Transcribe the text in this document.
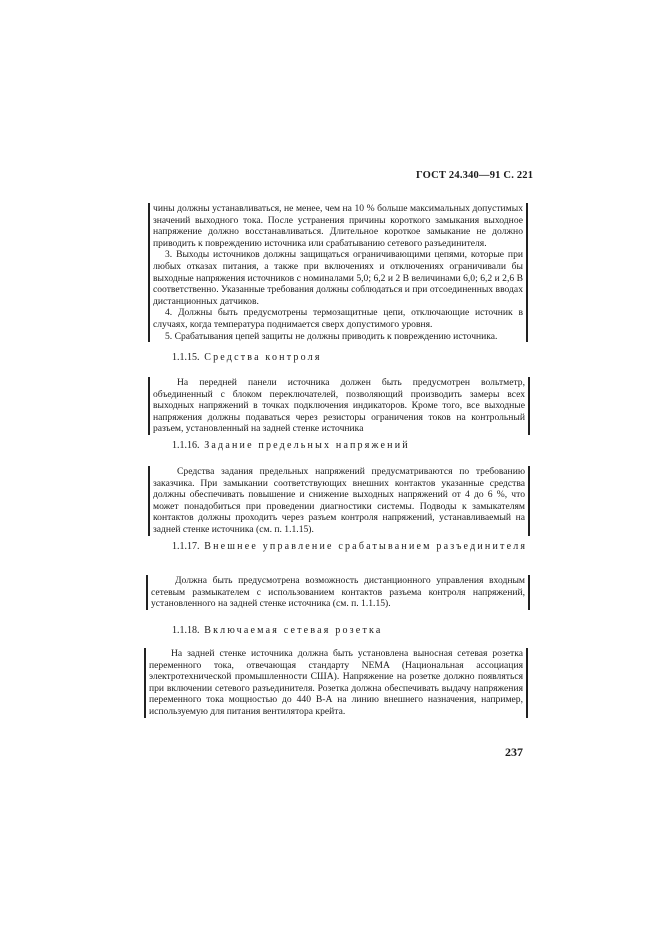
ГОСТ 24.340—91 С. 221

чины должны устанавливаться, не менее, чем на 10 % больше максимальных допустимых значений выходного тока. После устранения причины короткого замыкания выходное напряжение должно восстанавливаться. Длительное короткое замыкание не должно приводить к повреждению источника или срабатыванию сетевого разъединителя.

3. Выходы источников должны защищаться ограничивающими цепями, которые при любых отказах питания, а также при включениях и отключениях ограничивали бы выходные напряжения источников с номиналами 5,0; 6,2 и 2 В величинами 6,0; 6,2 и 2,6 В соответственно. Указанные требования должны соблюдаться и при отсоединенных вводах дистанционных датчиков.

4. Должны быть предусмотрены термозащитные цепи, отключающие источник в случаях, когда температура поднимается сверх допустимого уровня.

5. Срабатывания цепей защиты не должны приводить к повреждению источника.

1.1.15. Средства контроля
На передней панели источника должен быть предусмотрен вольтметр, объединенный с блоком переключателей, позволяющий производить замеры всех выходных напряжений в точках подключения индикаторов. Кроме того, все выходные напряжения должны подаваться через резисторы ограничения токов на контрольный разъем, установленный на задней стенке источника
1.1.16. Задание предельных напряжений
Средства задания предельных напряжений предусматриваются по требованию заказчика. При замыкании соответствующих внешних контактов указанные средства должны обеспечивать повышение и снижение выходных напряжений от 4 до 6 %, что может понадобиться при проведении диагностики системы. Подводы к замыкателям контактов должны проходить через разъем контроля напряжений, устанавливаемый на задней стенке источника (см. п. 1.1.15).
1.1.17. Внешнее управление срабатыванием разъединителя
Должна быть предусмотрена возможность дистанционного управления входным сетевым размыкателем с использованием контактов разъема контроля напряжений, установленного на задней стенке источника (см. п. 1.1.15).
1.1.18. Включаемая сетевая розетка
На задней стенке источника должна быть установлена выносная сетевая розетка переменного тока, отвечающая стандарту NEMA (Национальная ассоциация электротехнической промышленности США). Напряжение на розетке должно появляться при включении сетевого разъединителя. Розетка должна обеспечивать выдачу напряжения переменного тока мощностью до 440 В-А на линию внешнего назначения, например, используемую для питания вентилятора крейта.
237
